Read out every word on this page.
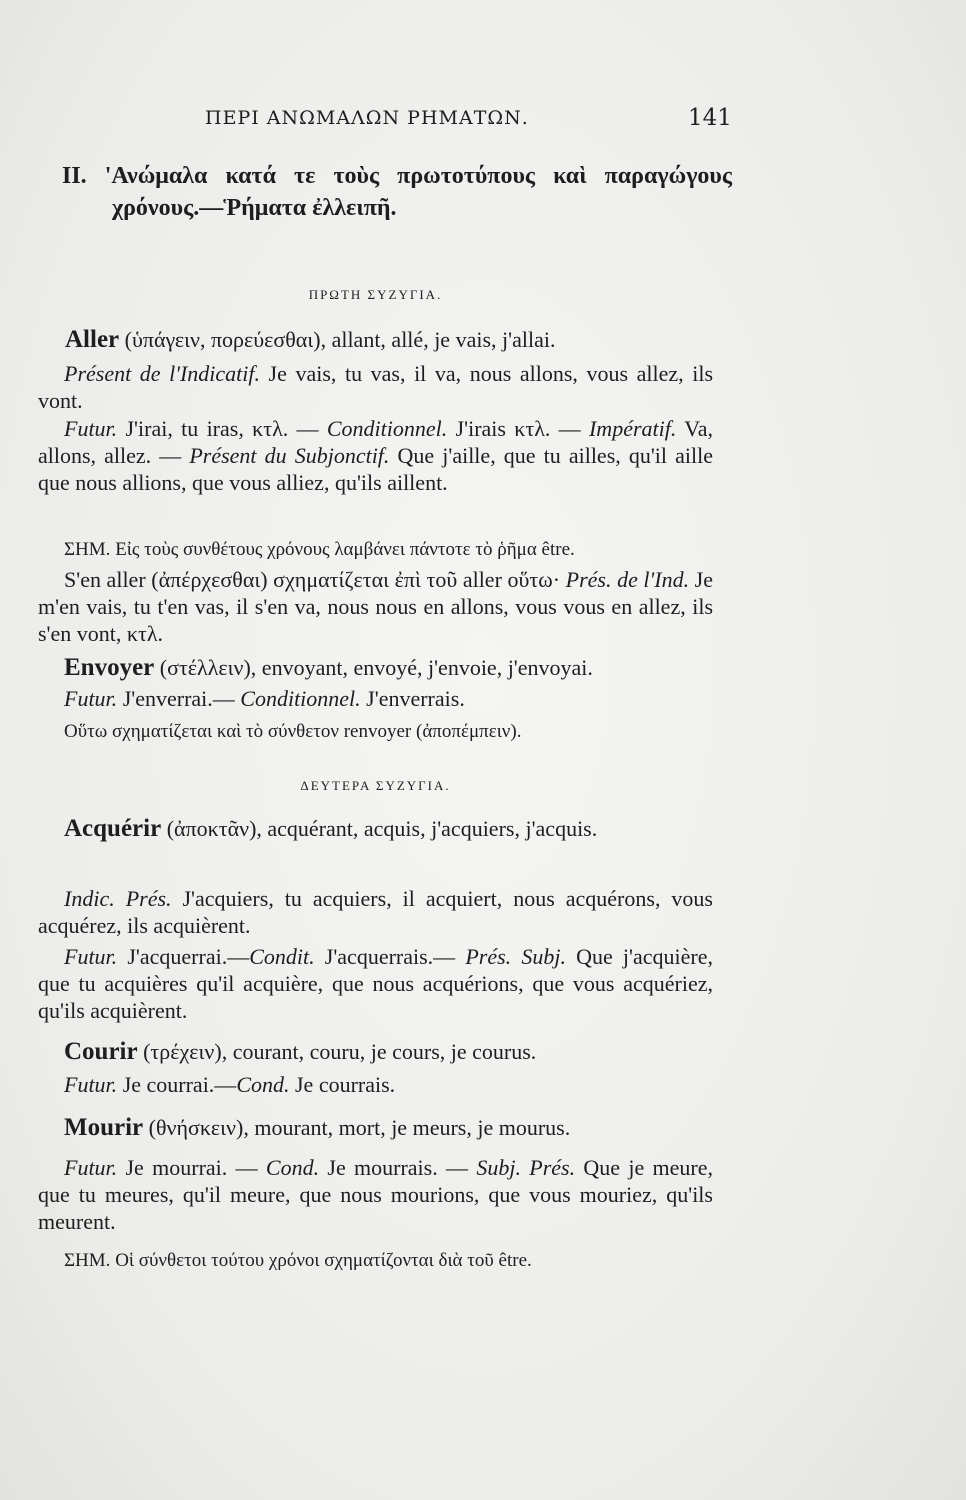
ΠΕΡΙ ΑΝΩΜΑΛΩΝ ΡΗΜΑΤΩΝ.	141
II. 'Ανώμαλα κατά τε τοὺς πρωτοτύπους καὶ παραγώγους χρόνους.—Ῥήματα ἐλλειπῆ.
ΠΡΩΤΗ ΣΥΖΥΓΙΑ.
Aller (ὑπάγειν, πορεύεσθαι), allant, allé, je vais, j'allai.
Présent de l'Indicatif. Je vais, tu vas, il va, nous allons, vous allez, ils vont.
Futur. J'irai, tu iras, κτλ. — Conditionnel. J'irais κτλ. — Impératif. Va, allons, allez. — Présent du Subjonctif. Que j'aille, que tu ailles, qu'il aille que nous allions, que vous alliez, qu'ils aillent.
ΣΗΜ. Εἰς τοὺς συνθέτους χρόνους λαμβάνει πάντοτε τὸ ῥῆμα être.
S'en aller (ἀπέρχεσθαι) σχηματίζεται ἐπὶ τοῦ aller οὕτω· Prés. de l'Ind. Je m'en vais, tu t'en vas, il s'en va, nous nous en allons, vous vous en allez, ils s'en vont, κτλ.
Envoyer (στέλλειν), envoyant, envoyé, j'envoie, j'envoyai.
Futur. J'enverrai.— Conditionnel. J'enverrais.
Οὕτω σχηματίζεται καὶ τὸ σύνθετον renvoyer (ἀποπέμπειν).
ΔΕΥΤΕΡΑ ΣΥΖΥΓΙΑ.
Acquérir (ἀποκτᾶν), acquérant, acquis, j'acquiers, j'acquis.
Indic. Prés. J'acquiers, tu acquiers, il acquiert, nous acquérons, vous acquérez, ils acquièrent.
Futur. J'acquerrai.—Condit. J'acquerrais.— Prés. Subj. Que j'acquière, que tu acquières qu'il acquière, que nous acquérions, que vous acquériez, qu'ils acquièrent.
Courir (τρέχειν), courant, couru, je cours, je courus.
Futur. Je courrai.—Cond. Je courrais.
Mourir (θνήσκειν), mourant, mort, je meurs, je mourus.
Futur. Je mourrai. — Cond. Je mourrais. — Subj. Prés. Que je meure, que tu meures, qu'il meure, que nous mourions, que vous mouriez, qu'ils meurent.
ΣΗΜ. Οἱ σύνθετοι τούτου χρόνοι σχηματίζονται διὰ τοῦ être.
